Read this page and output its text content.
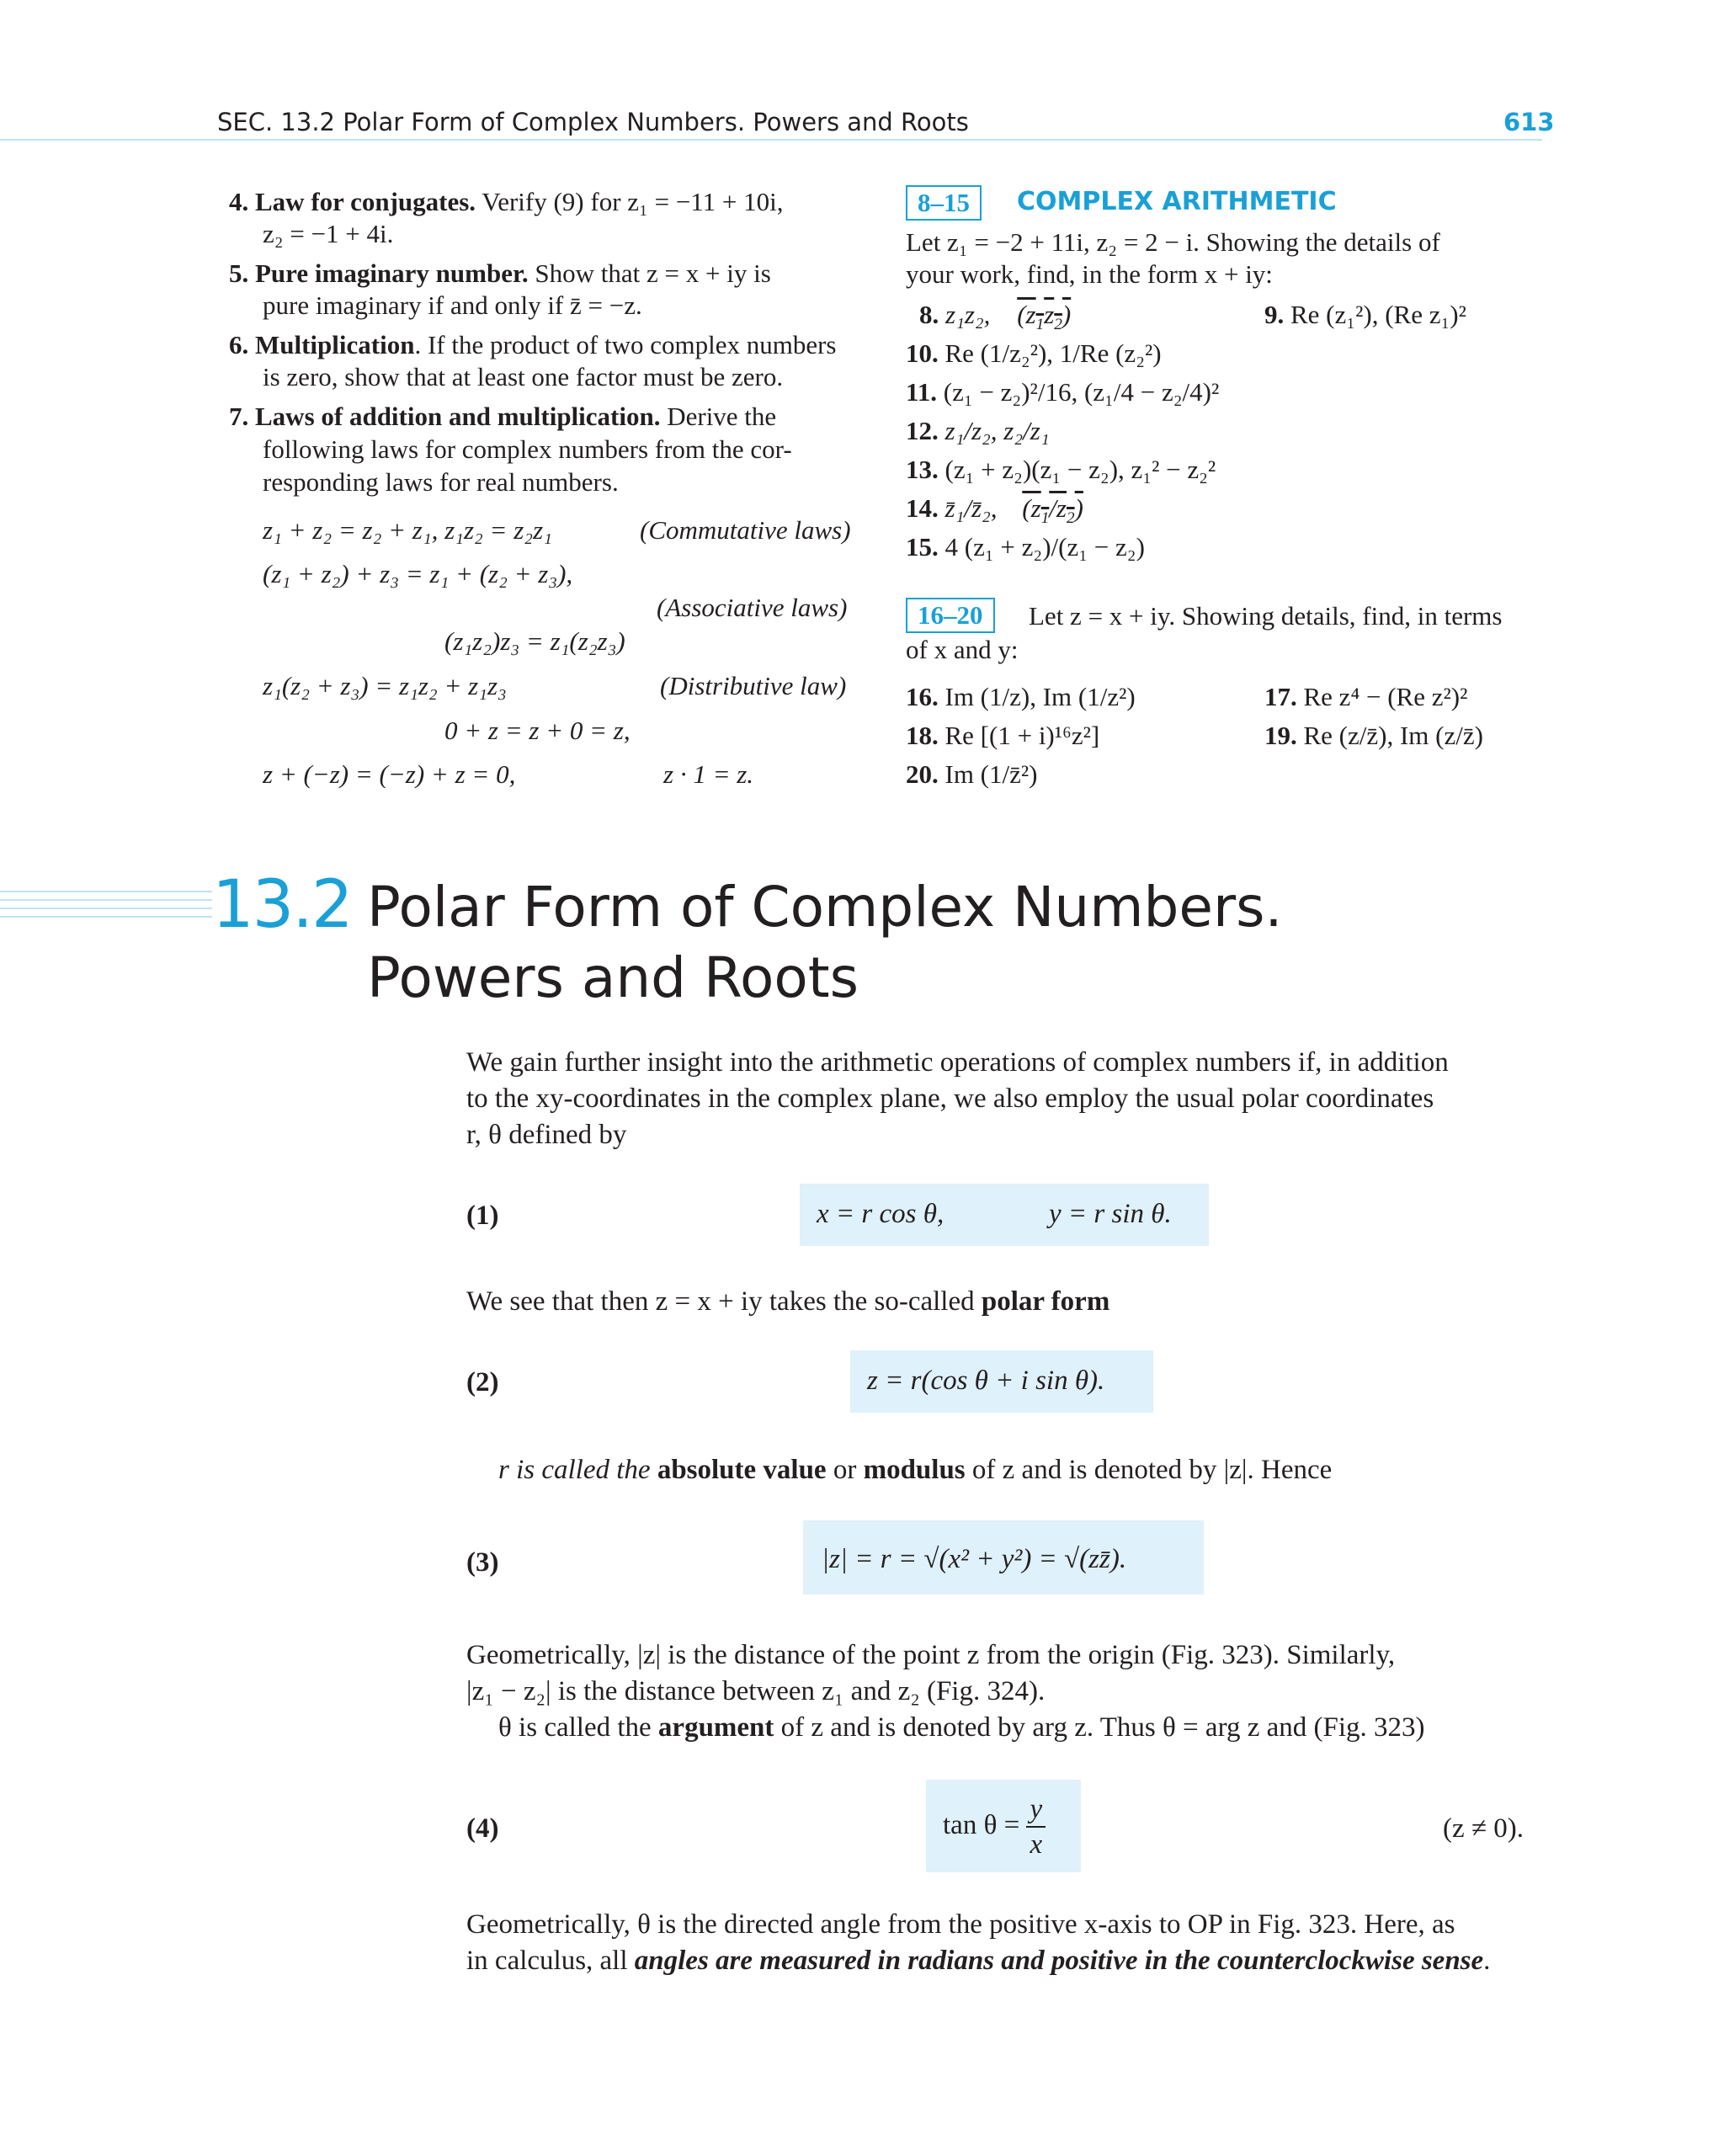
SEC. 13.2 Polar Form of Complex Numbers. Powers and Roots	613
4. Law for conjugates. Verify (9) for z₁ = −11 + 10i,
z₂ = −1 + 4i.
5. Pure imaginary number. Show that z = x + iy is
pure imaginary if and only if z̄ = −z.
6. Multiplication. If the product of two complex numbers
is zero, show that at least one factor must be zero.
7. Laws of addition and multiplication. Derive the
following laws for complex numbers from the cor-
responding laws for real numbers.
z₁ + z₂ = z₂ + z₁, z₁z₂ = z₂z₁	(Commutative laws)
(z₁ + z₂) + z₃ = z₁ + (z₂ + z₃),
(Associative laws)
(z₁z₂)z₃ = z₁(z₂z₃)
z₁(z₂ + z₃) = z₁z₂ + z₁z₃	(Distributive law)
0 + z = z + 0 = z,
z + (−z) = (−z) + z = 0,	z · 1 = z.
8–15	COMPLEX ARITHMETIC
Let z₁ = −2 + 11i, z₂ = 2 − i. Showing the details of
your work, find, in the form x + iy:
8. z₁z₂, $(z_1z_2)$	9. Re (z₁²), (Re z₁)²
10. Re (1/z₂²), 1/Re (z₂²)
11. (z₁ − z₂)²/16, (z₁/4 − z₂/4)²
12. z₁/z₂, z₂/z₁
13. (z₁ + z₂)(z₁ − z₂), z₁² − z₂²
14. z̄₁/z̄₂, $(z_1/z_2)$
15. 4 (z₁ + z₂)/(z₁ − z₂)
16–20	Let z = x + iy. Showing details, find, in terms
of x and y:
16. Im (1/z), Im (1/z²)	17. Re z⁴ − (Re z²)²
18. Re [(1 + i)¹⁶z²]	19. Re (z/z̄), Im (z/z̄)
20. Im (1/z̄²)
13.2 Polar Form of Complex Numbers.
Powers and Roots
We gain further insight into the arithmetic operations of complex numbers if, in addition
to the xy-coordinates in the complex plane, we also employ the usual polar coordinates
r, θ defined by
(1)	x = r cos θ,	y = r sin θ.
We see that then z = x + iy takes the so-called polar form
(2)	z = r(cos θ + i sin θ).
r is called the absolute value or modulus of z and is denoted by |z|. Hence
(3)	|z| = r = √(x² + y²) = √(zz̄).
Geometrically, |z| is the distance of the point z from the origin (Fig. 323). Similarly,
|z₁ − z₂| is the distance between z₁ and z₂ (Fig. 324).
θ is called the argument of z and is denoted by arg z. Thus θ = arg z and (Fig. 323)
(4)	$\tan \theta = \frac{y}{x}$	(z ≠ 0).
Geometrically, θ is the directed angle from the positive x-axis to OP in Fig. 323. Here, as
in calculus, all angles are measured in radians and positive in the counterclockwise sense.
